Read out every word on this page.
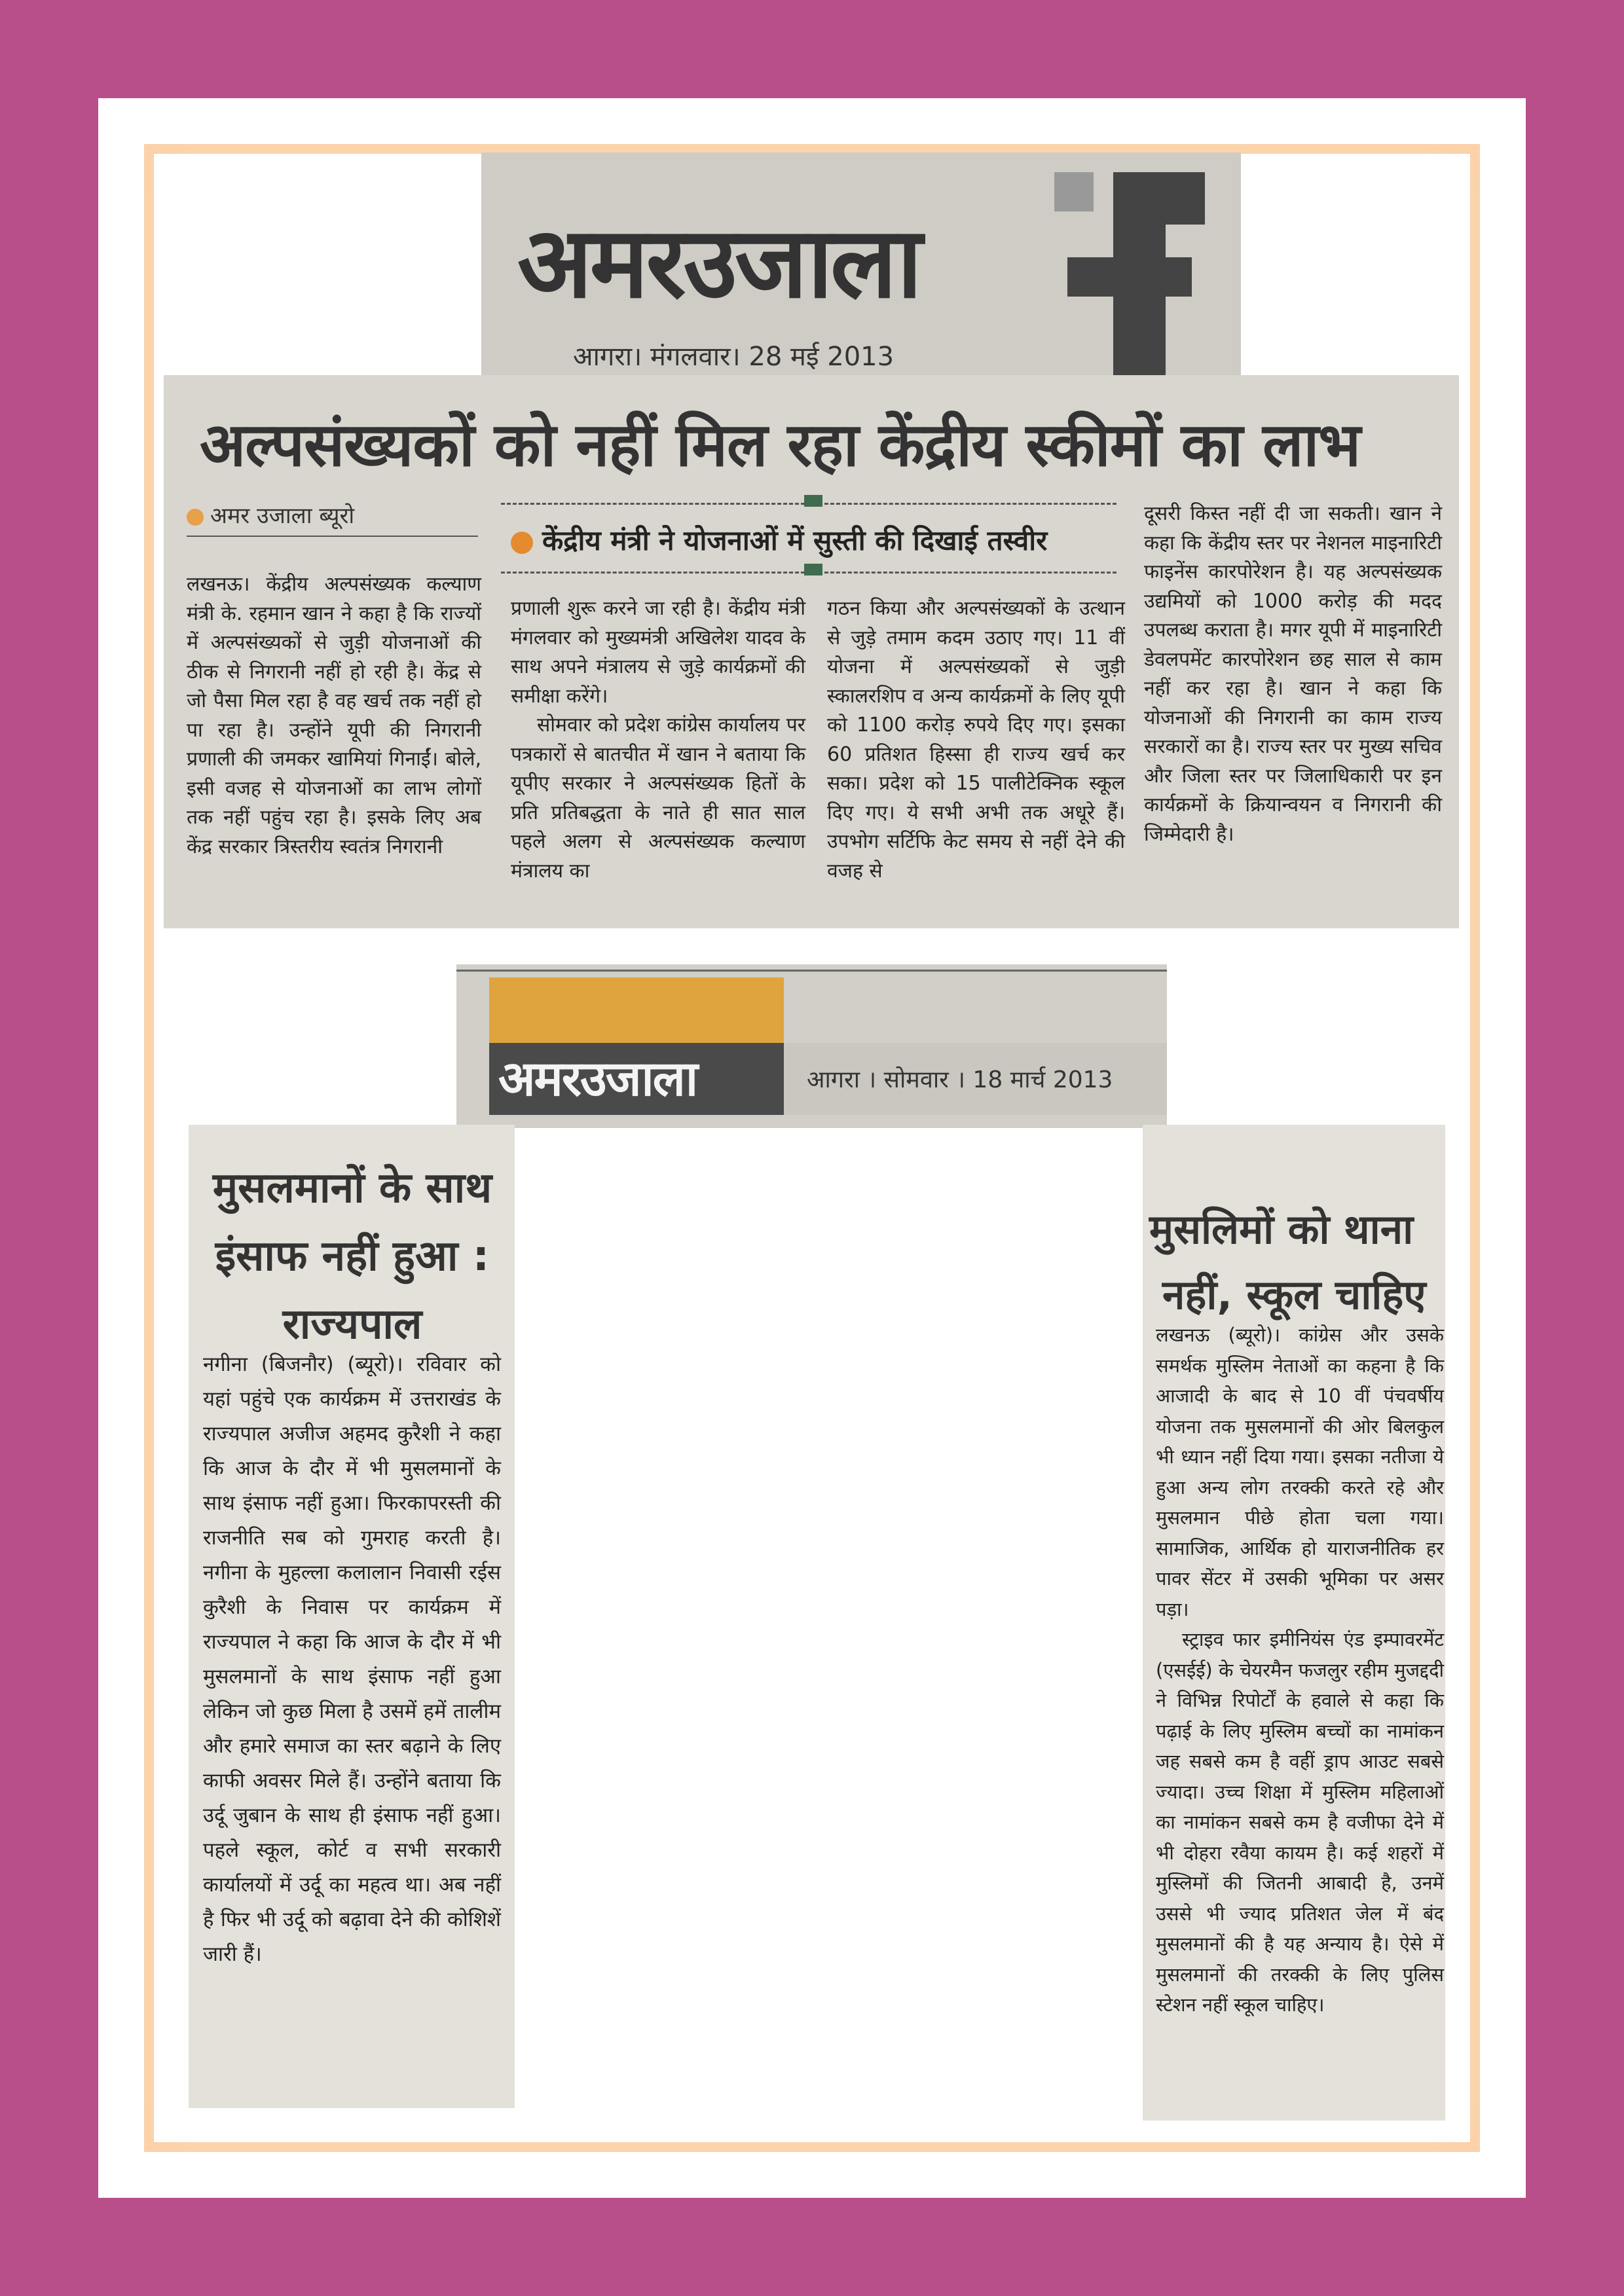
अमरउजाला
आगरा। मंगलवार। 28 मई 2013
अल्पसंख्यकों को नहीं मिल रहा केंद्रीय स्कीमों का लाभ
अमर उजाला ब्यूरो
केंद्रीय मंत्री ने योजनाओं में सुस्ती की दिखाई तस्वीर

लखनऊ। केंद्रीय अल्पसंख्यक कल्याण मंत्री के. रहमान खान ने कहा है कि राज्यों में अल्पसंख्यकों से जुड़ी योजनाओं की ठीक से निगरानी नहीं हो रही है। केंद्र से जो पैसा मिल रहा है वह खर्च तक नहीं हो पा रहा है। उन्होंने यूपी की निगरानी प्रणाली की जमकर खामियां गिनाईं। बोले, इसी वजह से योजनाओं का लाभ लोगों तक नहीं पहुंच रहा है। इसके लिए अब केंद्र सरकार त्रिस्तरीय स्वतंत्र निगरानी

प्रणाली शुरू करने जा रही है। केंद्रीय मंत्री मंगलवार को मुख्यमंत्री अखिलेश यादव के साथ अपने मंत्रालय से जुड़े कार्यक्रमों की समीक्षा करेंगे।

सोमवार को प्रदेश कांग्रेस कार्यालय पर पत्रकारों से बातचीत में खान ने बताया कि यूपीए सरकार ने अल्पसंख्यक हितों के प्रति प्रतिबद्धता के नाते ही सात साल पहले अलग से अल्पसंख्यक कल्याण मंत्रालय का

गठन किया और अल्पसंख्यकों के उत्थान से जुड़े तमाम कदम उठाए गए। 11 वीं योजना में अल्पसंख्यकों से जुड़ी स्कालरशिप व अन्य कार्यक्रमों के लिए यूपी को 1100 करोड़ रुपये दिए गए। इसका 60 प्रतिशत हिस्सा ही राज्य खर्च कर सका। प्रदेश को 15 पालीटेक्निक स्कूल दिए गए। ये सभी अभी तक अधूरे हैं। उपभोग सर्टिफि केट समय से नहीं देने की वजह से

दूसरी किस्त नहीं दी जा सकती। खान ने कहा कि केंद्रीय स्तर पर नेशनल माइनारिटी फाइनेंस कारपोरेशन है। यह अल्पसंख्यक उद्यमियों को 1000 करोड़ की मदद उपलब्ध कराता है। मगर यूपी में माइनारिटी डेवलपमेंट कारपोरेशन छह साल से काम नहीं कर रहा है। खान ने कहा कि योजनाओं की निगरानी का काम राज्य सरकारों का है। राज्य स्तर पर मुख्य सचिव और जिला स्तर पर जिलाधिकारी पर इन कार्यक्रमों के क्रियान्वयन व निगरानी की जिम्मेदारी है।

अमरउजाला	आगरा । सोमवार । 18 मार्च 2013
मुसलमानों के साथ इंसाफ नहीं हुआ : राज्यपाल

नगीना (बिजनौर) (ब्यूरो)। रविवार को यहां पहुंचे एक कार्यक्रम में उत्तराखंड के राज्यपाल अजीज अहमद कुरैशी ने कहा कि आज के दौर में भी मुसलमानों के साथ इंसाफ नहीं हुआ। फिरकापरस्ती की राजनीति सब को गुमराह करती है। नगीना के मुहल्ला कलालान निवासी रईस कुरैशी के निवास पर कार्यक्रम में राज्यपाल ने कहा कि आज के दौर में भी मुसलमानों के साथ इंसाफ नहीं हुआ लेकिन जो कुछ मिला है उसमें हमें तालीम और हमारे समाज का स्तर बढ़ाने के लिए काफी अवसर मिले हैं। उन्होंने बताया कि उर्दू जुबान के साथ ही इंसाफ नहीं हुआ। पहले स्कूल, कोर्ट व सभी सरकारी कार्यालयों में उर्दू का महत्व था। अब नहीं है फिर भी उर्दू को बढ़ावा देने की कोशिशें जारी हैं।

मुसलिमों को थाना
नहीं, स्कूल चाहिए

लखनऊ (ब्यूरो)। कांग्रेस और उसके समर्थक मुस्लिम नेताओं का कहना है कि आजादी के बाद से 10 वीं पंचवर्षीय योजना तक मुसलमानों की ओर बिलकुल भी ध्यान नहीं दिया गया। इसका नतीजा ये हुआ अन्य लोग तरक्की करते रहे और मुसलमान पीछे होता चला गया। सामाजिक, आर्थिक हो याराजनीतिक हर पावर सेंटर में उसकी भूमिका पर असर पड़ा।

स्ट्राइव फार इमीनियंस एंड इम्पावरमेंट (एसईई) के चेयरमैन फजलुर रहीम मुजद्ददी ने विभिन्न रिपोर्टों के हवाले से कहा कि पढ़ाई के लिए मुस्लिम बच्चों का नामांकन जह सबसे कम है वहीं ड्राप आउट सबसे ज्यादा। उच्च शिक्षा में मुस्लिम महिलाओं का नामांकन सबसे कम है वजीफा देने में भी दोहरा रवैया कायम है। कई शहरों में मुस्लिमों की जितनी आबादी है, उनमें उससे भी ज्याद प्रतिशत जेल में बंद मुसलमानों की है यह अन्याय है। ऐसे में मुसलमानों की तरक्की के लिए पुलिस स्टेशन नहीं स्कूल चाहिए।
